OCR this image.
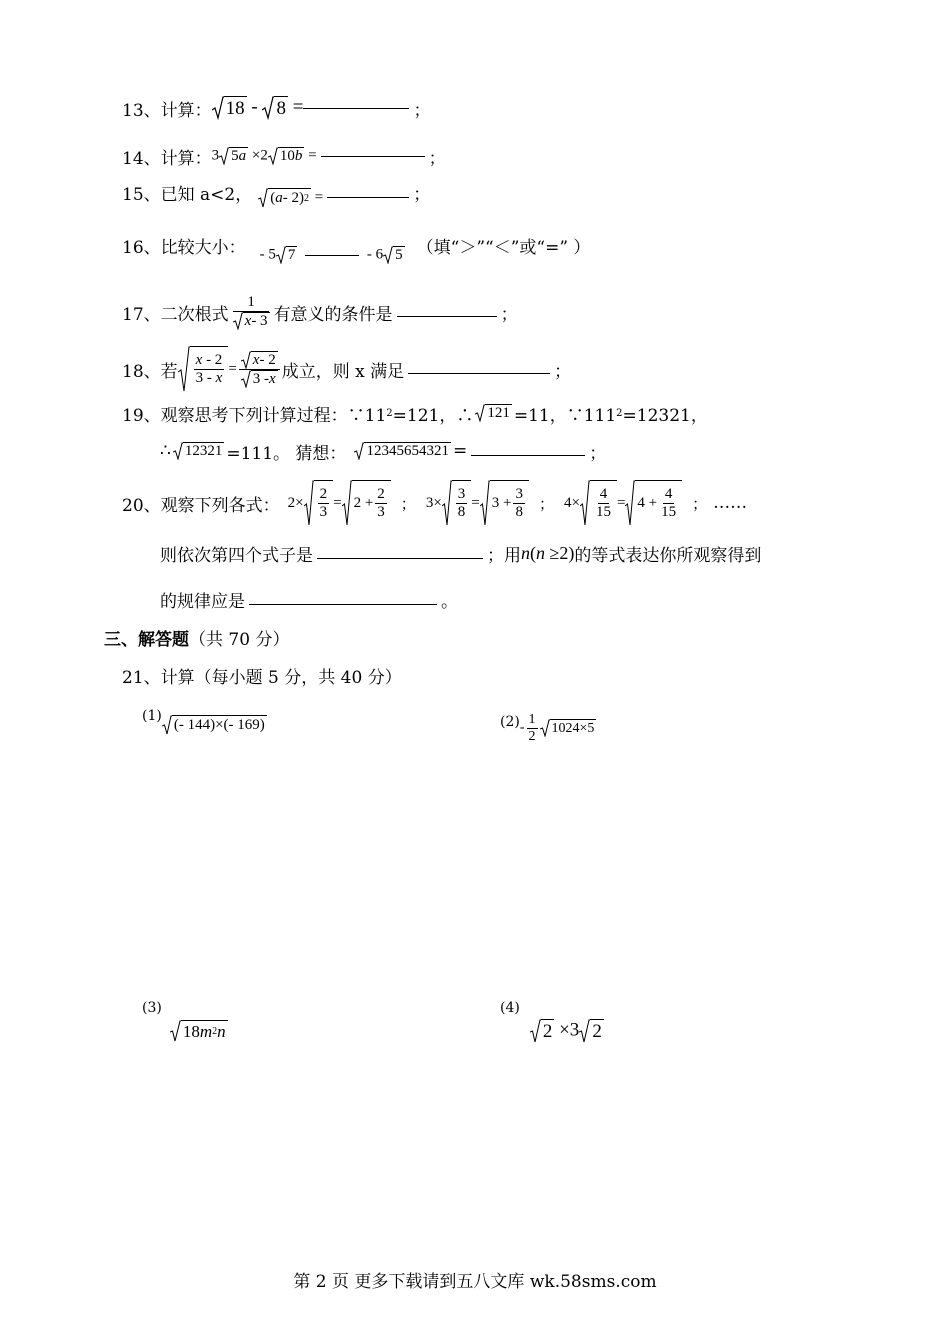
13、计算： 18 - 8 =	；
14、计算： 3 5 a ×2 10 b =	；
15、已知 a<2， ( a - 2) 2 =	；
16、比较大小： - 5 7	- 6 5 （填“＞”“＜”或“=” ）
17、二次根式 $\frac{1}{x - 3}$ 有意义的条件是	；
18、若 $\frac{x - 2}{3 - x} = \frac{x - 2}{3 - x}$ 成立，则 x 满足	；
19、观察思考下列计算过程：∵11 2 =121，∴ 121 =11，∵111 2 =12321，
∴ 12321 =111。 猜想： 12345654321 =	；
20、观察下列各式： $2\times \frac{2}{3} = 2 + \frac{2}{3}$ ； $3\times \frac{3}{8} = 3 + \frac{3}{8}$ ； $4\times \frac{4}{15} = 4 + \frac{4}{15}$ ； ……
则依次第四个式子是	；用 n(n ≥2) 的等式表达你所观察得到
的规律应是	。
三、解答题 （共 70 分）
21、计算（每小题 5 分，共 40 分）
(1)
(- 144)×(- 169)	$(2) - \frac{1}{2} 1024\times 5$
(3)
18 m 2 n
(4)
2 ×3 2
第 2 页 更多下载请到五八文库 wk.58sms.com
